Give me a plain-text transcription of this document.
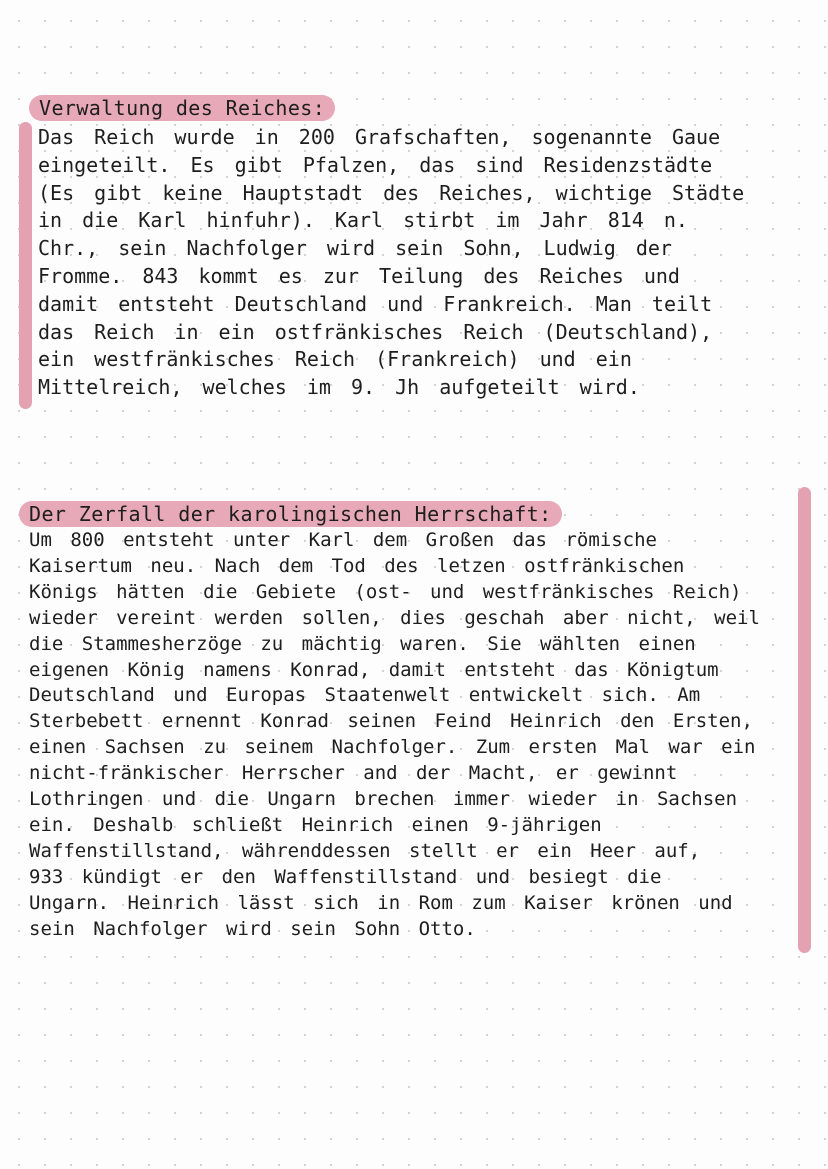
Verwaltung des Reiches:
Das Reich wurde in 200 Grafschaften, sogenannte Gaue
eingeteilt. Es gibt Pfalzen, das sind Residenzstädte
(Es gibt keine Hauptstadt des Reiches, wichtige Städte
in die Karl hinfuhr). Karl stirbt im Jahr 814 n.
Chr., sein Nachfolger wird sein Sohn, Ludwig der
Fromme. 843 kommt es zur Teilung des Reiches und
damit entsteht Deutschland und Frankreich. Man teilt
das Reich in ein ostfränkisches Reich (Deutschland),
ein westfränkisches Reich (Frankreich) und ein
Mittelreich, welches im 9. Jh aufgeteilt wird.
Der Zerfall der karolingischen Herrschaft:
Um 800 entsteht unter Karl dem Großen das römische
Kaisertum neu. Nach dem Tod des letzen ostfränkischen
Königs hätten die Gebiete (ost- und westfränkisches Reich)
wieder vereint werden sollen, dies geschah aber nicht, weil
die Stammesherzöge zu mächtig waren. Sie wählten einen
eigenen König namens Konrad, damit entsteht das Königtum
Deutschland und Europas Staatenwelt entwickelt sich. Am
Sterbebett ernennt Konrad seinen Feind Heinrich den Ersten,
einen Sachsen zu seinem Nachfolger. Zum ersten Mal war ein
nicht-fränkischer Herrscher and der Macht, er gewinnt
Lothringen und die Ungarn brechen immer wieder in Sachsen
ein. Deshalb schließt Heinrich einen 9-jährigen
Waffenstillstand, währenddessen stellt er ein Heer auf,
933 kündigt er den Waffenstillstand und besiegt die
Ungarn. Heinrich lässt sich in Rom zum Kaiser krönen und
sein Nachfolger wird sein Sohn Otto.
